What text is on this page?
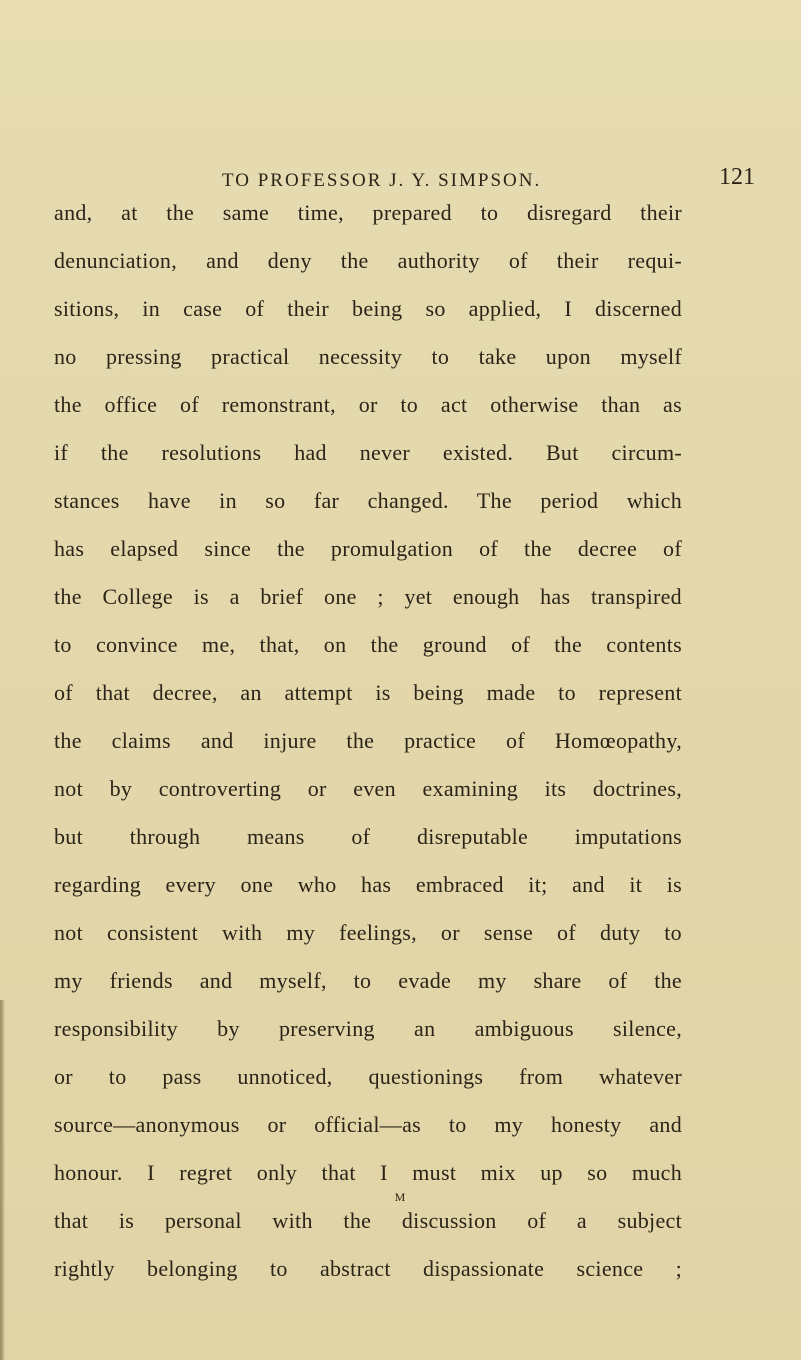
TO PROFESSOR J. Y. SIMPSON.	121
and, at the same time, prepared to disregard their
denunciation, and deny the authority of their requi-
sitions, in case of their being so applied, I discerned
no pressing practical necessity to take upon myself
the office of remonstrant, or to act otherwise than as
if the resolutions had never existed. But circum-
stances have in so far changed. The period which
has elapsed since the promulgation of the decree of
the College is a brief one ; yet enough has transpired
to convince me, that, on the ground of the contents
of that decree, an attempt is being made to represent
the claims and injure the practice of Homœopathy,
not by controverting or even examining its doctrines,
but through means of disreputable imputations
regarding every one who has embraced it; and it is
not consistent with my feelings, or sense of duty to
my friends and myself, to evade my share of the
responsibility by preserving an ambiguous silence,
or to pass unnoticed, questionings from whatever
source—anonymous or official—as to my honesty and
honour. I regret only that I must mix up so much
that is personal with the discussion of a subject
rightly belonging to abstract dispassionate science ;
M
